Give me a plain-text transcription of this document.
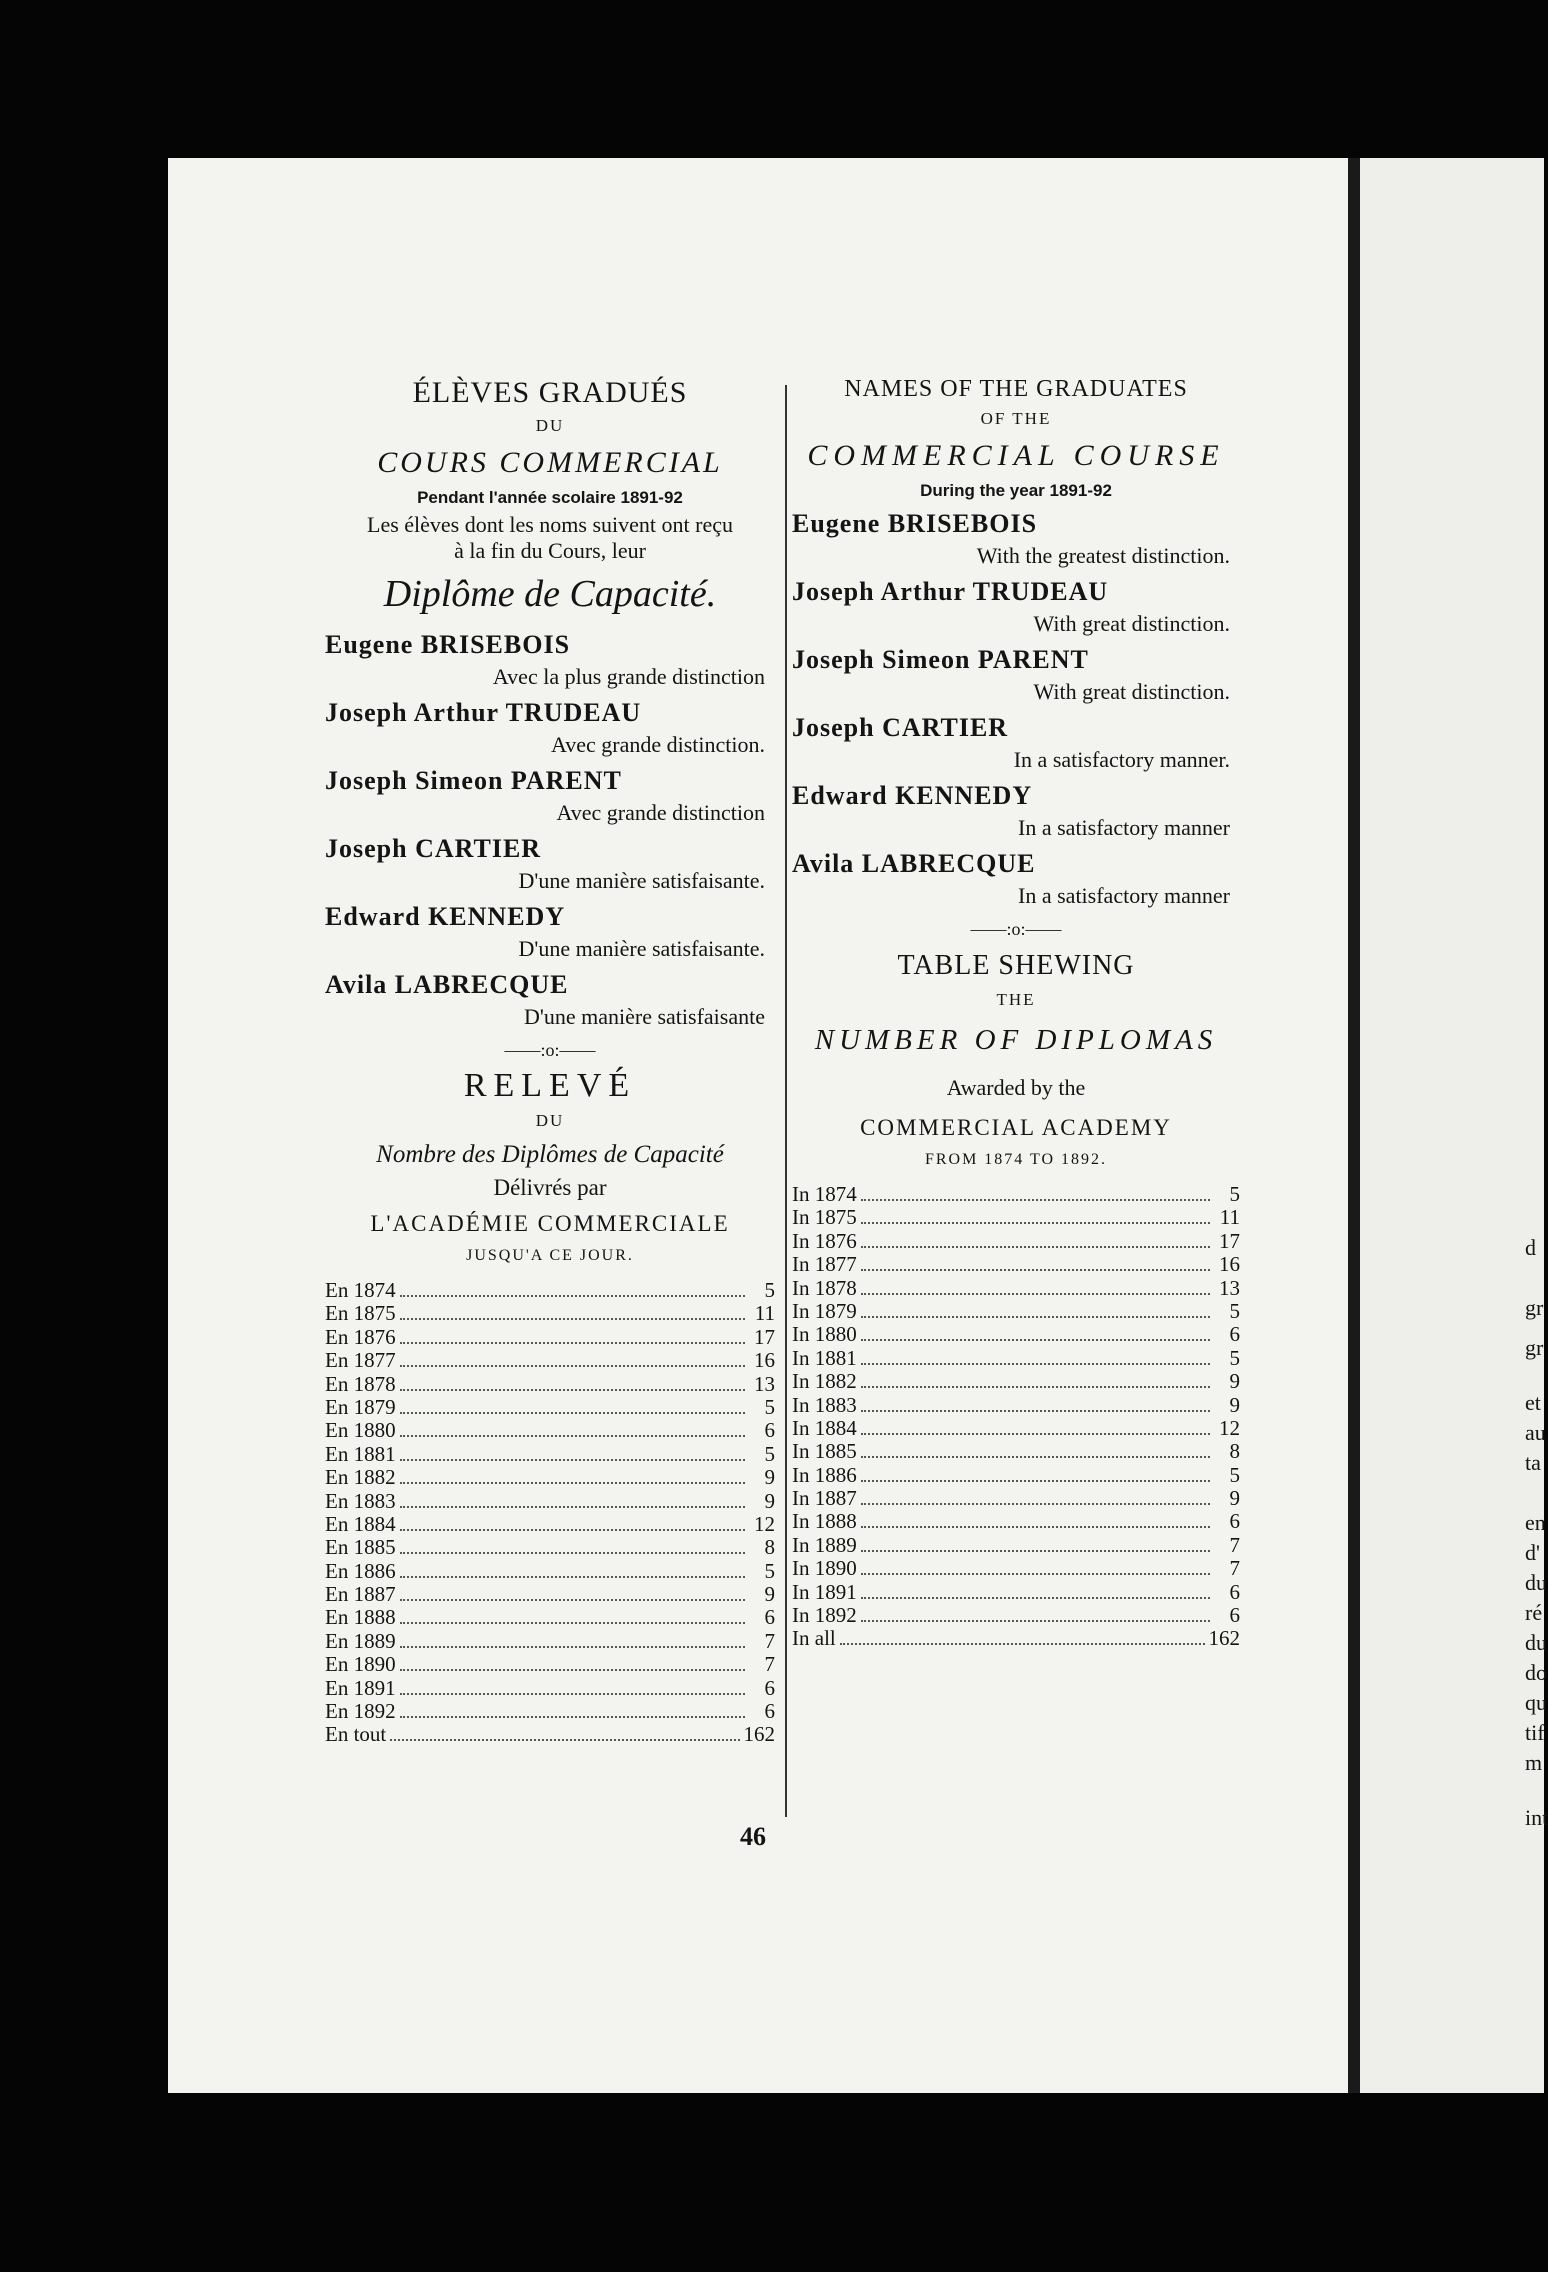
ÉLÈVES GRADUÉS
DU
COURS COMMERCIAL
Pendant l'année scolaire 1891-92
Les élèves dont les noms suivent ont reçu
à la fin du Cours, leur
Diplôme de Capacité.
Eugene BRISEBOIS
Avec la plus grande distinction
Joseph Arthur TRUDEAU
Avec grande distinction.
Joseph Simeon PARENT
Avec grande distinction
Joseph CARTIER
D'une manière satisfaisante.
Edward KENNEDY
D'une manière satisfaisante.
Avila LABRECQUE
D'une manière satisfaisante
——:o:——
RELEVÉ
DU
Nombre des Diplômes de Capacité
Délivrés par
L'ACADÉMIE COMMERCIALE
JUSQU'A CE JOUR.
En 1874	5
En 1875	11
En 1876	17
En 1877	16
En 1878	13
En 1879	5
En 1880	6
En 1881	5
En 1882	9
En 1883	9
En 1884	12
En 1885	8
En 1886	5
En 1887	9
En 1888	6
En 1889	7
En 1890	7
En 1891	6
En 1892	6
En tout	162
NAMES OF THE GRADUATES
OF THE
COMMERCIAL COURSE
During the year 1891-92
Eugene BRISEBOIS
With the greatest distinction.
Joseph Arthur TRUDEAU
With great distinction.
Joseph Simeon PARENT
With great distinction.
Joseph CARTIER
In a satisfactory manner.
Edward KENNEDY
In a satisfactory manner
Avila LABRECQUE
In a satisfactory manner
——:o:——
TABLE SHEWING
THE
NUMBER OF DIPLOMAS
Awarded by the
COMMERCIAL ACADEMY
FROM 1874 TO 1892.
In 1874	5
In 1875	11
In 1876	17
In 1877	16
In 1878	13
In 1879	5
In 1880	6
In 1881	5
In 1882	9
In 1883	9
In 1884	12
In 1885	8
In 1886	5
In 1887	9
In 1888	6
In 1889	7
In 1890	7
In 1891	6
In 1892	6
In all	162
46
d
gr
gr
et
au
ta
en
d'
du
ré
du
do
qu
tif
m
int
